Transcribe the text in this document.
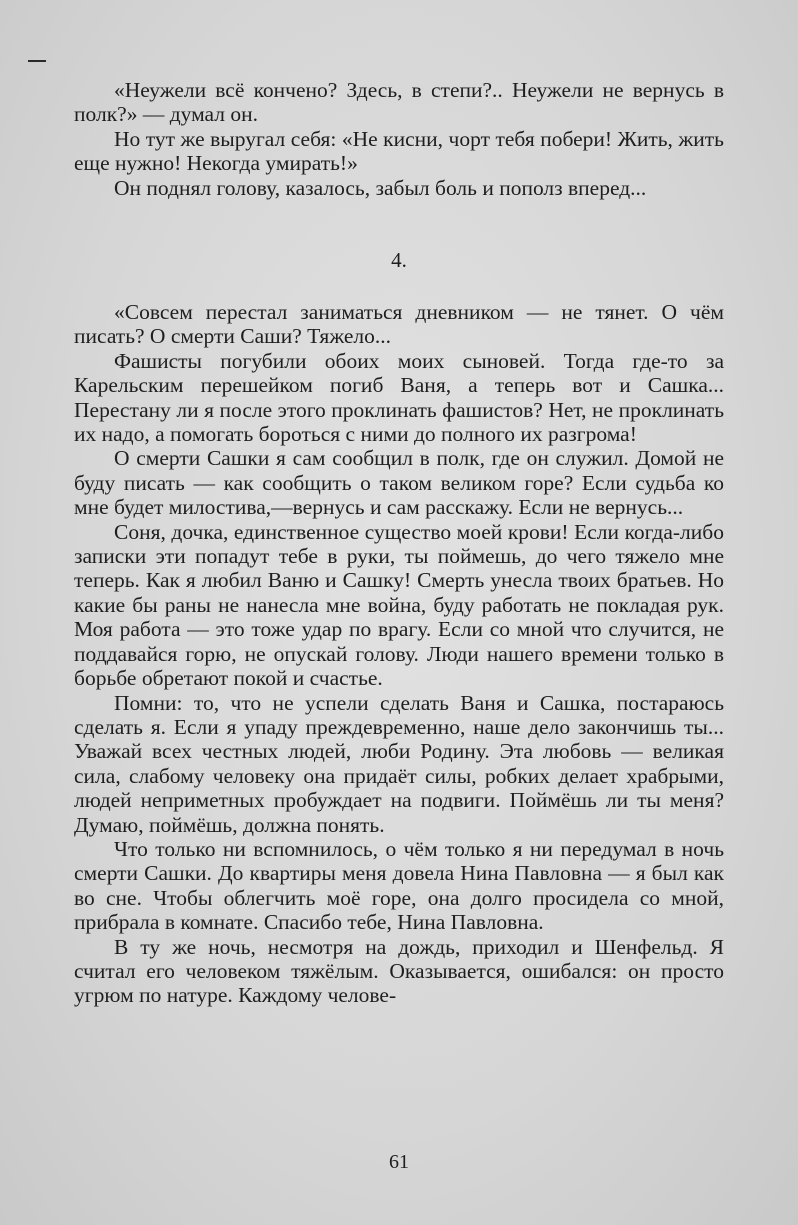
«Неужели всё кончено? Здесь, в степи?.. Неужели не вернусь в полк?» — думал он.

Но тут же выругал себя: «Не кисни, чорт тебя побери! Жить, жить еще нужно! Некогда умирать!»

Он поднял голову, казалось, забыл боль и пополз вперед...

4.

«Совсем перестал заниматься дневником — не тянет. О чём писать? О смерти Саши? Тяжело...

Фашисты погубили обоих моих сыновей. Тогда где-то за Карельским перешейком погиб Ваня, а теперь вот и Сашка... Перестану ли я после этого проклинать фашистов? Нет, не проклинать их надо, а помогать бороться с ними до полного их разгрома!

О смерти Сашки я сам сообщил в полк, где он служил. Домой не буду писать — как сообщить о таком великом горе? Если судьба ко мне будет милостива,—вернусь и сам расскажу. Если не вернусь...

Соня, дочка, единственное существо моей крови! Если когда-либо записки эти попадут тебе в руки, ты поймешь, до чего тяжело мне теперь. Как я любил Ваню и Сашку! Смерть унесла твоих братьев. Но какие бы раны не нанесла мне война, буду работать не покладая рук. Моя работа — это тоже удар по врагу. Если со мной что случится, не поддавайся горю, не опускай голову. Люди нашего времени только в борьбе обретают покой и счастье.

Помни: то, что не успели сделать Ваня и Сашка, постараюсь сделать я. Если я упаду преждевременно, наше дело закончишь ты... Уважай всех честных людей, люби Родину. Эта любовь — великая сила, слабому человеку она придаёт силы, робких делает храбрыми, людей неприметных пробуждает на подвиги. Поймёшь ли ты меня? Думаю, поймёшь, должна понять.

Что только ни вспомнилось, о чём только я ни передумал в ночь смерти Сашки. До квартиры меня довела Нина Павловна — я был как во сне. Чтобы облегчить моё горе, она долго просидела со мной, прибрала в комнате. Спасибо тебе, Нина Павловна.

В ту же ночь, несмотря на дождь, приходил и Шенфельд. Я считал его человеком тяжёлым. Оказывается, ошибался: он просто угрюм по натуре. Каждому челове-

61
